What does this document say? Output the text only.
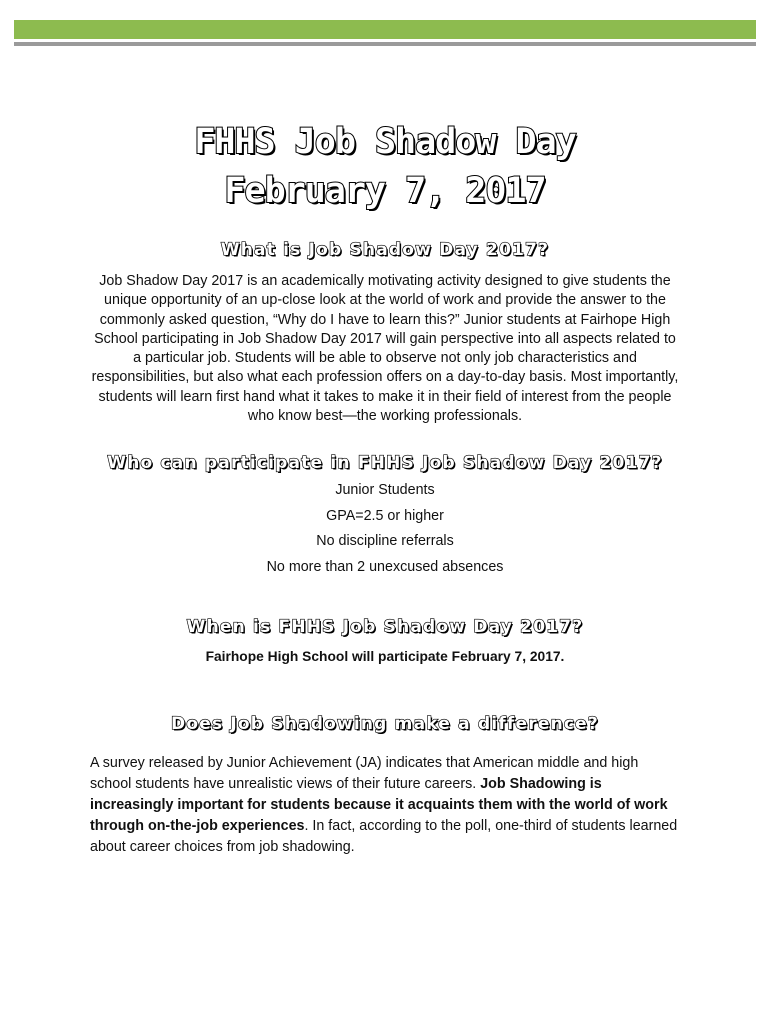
FHHS Job Shadow Day
February 7, 2017
What is Job Shadow Day 2017?
Job Shadow Day 2017 is an academically motivating activity designed to give students the unique opportunity of an up-close look at the world of work and provide the answer to the commonly asked question, “Why do I have to learn this?” Junior students at Fairhope High School participating in Job Shadow Day 2017 will gain perspective into all aspects related to a particular job. Students will be able to observe not only job characteristics and responsibilities, but also what each profession offers on a day-to-day basis. Most importantly, students will learn first hand what it takes to make it in their field of interest from the people who know best—the working professionals.
Who can participate in FHHS Job Shadow Day 2017?
Junior Students
GPA=2.5 or higher
No discipline referrals
No more than 2 unexcused absences
When is FHHS Job Shadow Day 2017?
Fairhope High School will participate February 7, 2017.
Does Job Shadowing make a difference?
A survey released by Junior Achievement (JA) indicates that American middle and high school students have unrealistic views of their future careers. Job Shadowing is increasingly important for students because it acquaints them with the world of work through on-the-job experiences. In fact, according to the poll, one-third of students learned about career choices from job shadowing.
